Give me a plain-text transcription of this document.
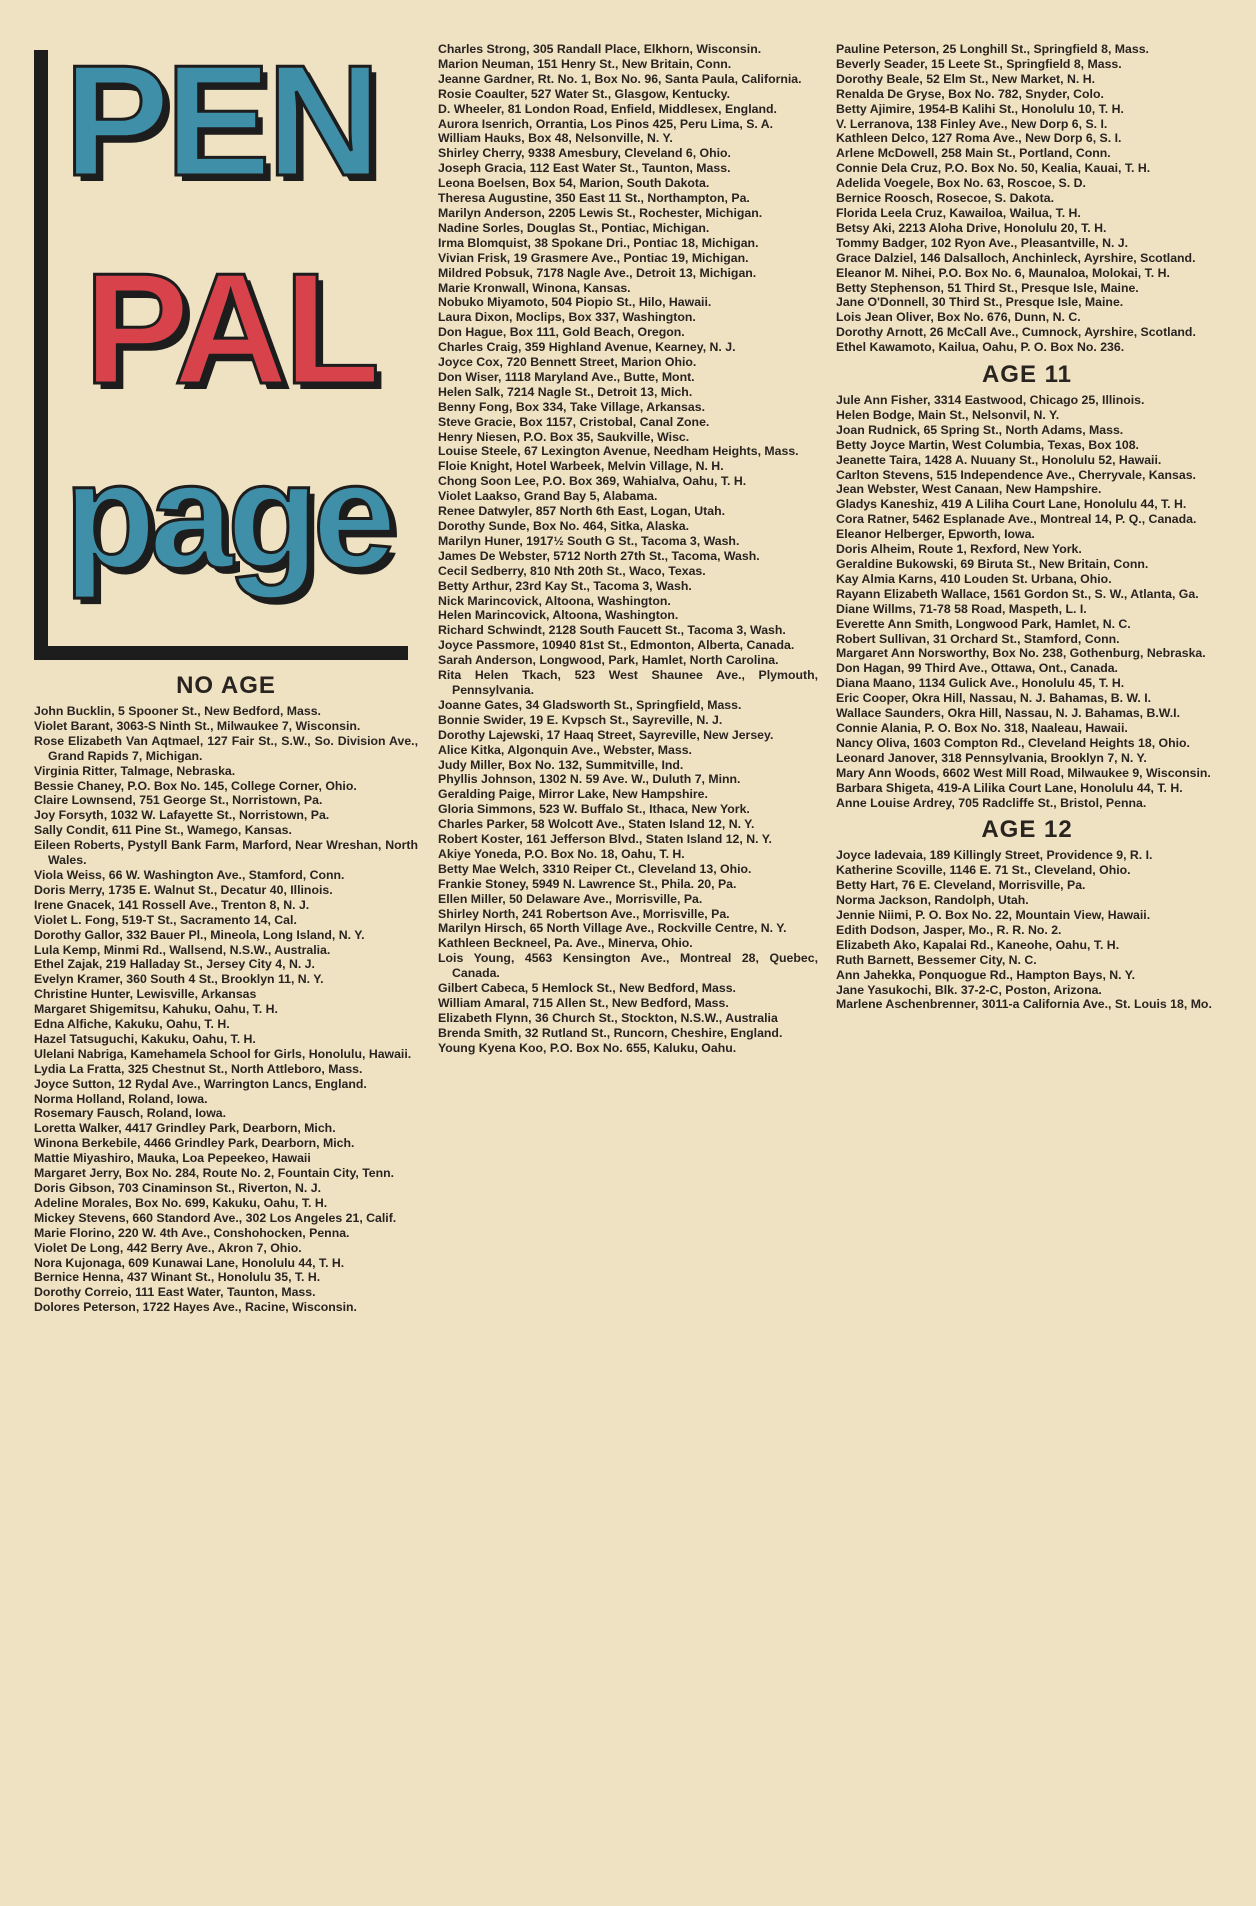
PEN
PAL
page
NO AGE

John Bucklin, 5 Spooner St., New Bedford, Mass.

Violet Barant, 3063-S Ninth St., Milwaukee 7, Wisconsin.

Rose Elizabeth Van Aqtmael, 127 Fair St., S.W., So. Division Ave., Grand Rapids 7, Michigan.

Virginia Ritter, Talmage, Nebraska.

Bessie Chaney, P.O. Box No. 145, College Corner, Ohio.

Claire Lownsend, 751 George St., Norristown, Pa.

Joy Forsyth, 1032 W. Lafayette St., Norristown, Pa.

Sally Condit, 611 Pine St., Wamego, Kansas.

Eileen Roberts, Pystyll Bank Farm, Marford, Near Wreshan, North Wales.

Viola Weiss, 66 W. Washington Ave., Stamford, Conn.

Doris Merry, 1735 E. Walnut St., Decatur 40, Illinois.

Irene Gnacek, 141 Rossell Ave., Trenton 8, N. J.

Violet L. Fong, 519-T St., Sacramento 14, Cal.

Dorothy Gallor, 332 Bauer Pl., Mineola, Long Island, N. Y.

Lula Kemp, Minmi Rd., Wallsend, N.S.W., Australia.

Ethel Zajak, 219 Halladay St., Jersey City 4, N. J.

Evelyn Kramer, 360 South 4 St., Brooklyn 11, N. Y.

Christine Hunter, Lewisville, Arkansas

Margaret Shigemitsu, Kahuku, Oahu, T. H.

Edna Alfiche, Kakuku, Oahu, T. H.

Hazel Tatsuguchi, Kakuku, Oahu, T. H.

Ulelani Nabriga, Kamehamela School for Girls, Honolulu, Hawaii.

Lydia La Fratta, 325 Chestnut St., North Attleboro, Mass.

Joyce Sutton, 12 Rydal Ave., Warrington Lancs, England.

Norma Holland, Roland, Iowa.

Rosemary Fausch, Roland, Iowa.

Loretta Walker, 4417 Grindley Park, Dearborn, Mich.

Winona Berkebile, 4466 Grindley Park, Dearborn, Mich.

Mattie Miyashiro, Mauka, Loa Pepeekeo, Hawaii

Margaret Jerry, Box No. 284, Route No. 2, Fountain City, Tenn.

Doris Gibson, 703 Cinaminson St., Riverton, N. J.

Adeline Morales, Box No. 699, Kakuku, Oahu, T. H.

Mickey Stevens, 660 Standord Ave., 302 Los Angeles 21, Calif.

Marie Florino, 220 W. 4th Ave., Conshohocken, Penna.

Violet De Long, 442 Berry Ave., Akron 7, Ohio.

Nora Kujonaga, 609 Kunawai Lane, Honolulu 44, T. H.

Bernice Henna, 437 Winant St., Honolulu 35, T. H.

Dorothy Correio, 111 East Water, Taunton, Mass.

Dolores Peterson, 1722 Hayes Ave., Racine, Wisconsin.

Charles Strong, 305 Randall Place, Elkhorn, Wisconsin.

Marion Neuman, 151 Henry St., New Britain, Conn.

Jeanne Gardner, Rt. No. 1, Box No. 96, Santa Paula, California.

Rosie Coaulter, 527 Water St., Glasgow, Kentucky.

D. Wheeler, 81 London Road, Enfield, Middlesex, England.

Aurora Isenrich, Orrantia, Los Pinos 425, Peru Lima, S. A.

William Hauks, Box 48, Nelsonville, N. Y.

Shirley Cherry, 9338 Amesbury, Cleveland 6, Ohio.

Joseph Gracia, 112 East Water St., Taunton, Mass.

Leona Boelsen, Box 54, Marion, South Dakota.

Theresa Augustine, 350 East 11 St., Northampton, Pa.

Marilyn Anderson, 2205 Lewis St., Rochester, Michigan.

Nadine Sorles, Douglas St., Pontiac, Michigan.

Irma Blomquist, 38 Spokane Dri., Pontiac 18, Michigan.

Vivian Frisk, 19 Grasmere Ave., Pontiac 19, Michigan.

Mildred Pobsuk, 7178 Nagle Ave., Detroit 13, Michigan.

Marie Kronwall, Winona, Kansas.

Nobuko Miyamoto, 504 Piopio St., Hilo, Hawaii.

Laura Dixon, Moclips, Box 337, Washington.

Don Hague, Box 111, Gold Beach, Oregon.

Charles Craig, 359 Highland Avenue, Kearney, N. J.

Joyce Cox, 720 Bennett Street, Marion Ohio.

Don Wiser, 1118 Maryland Ave., Butte, Mont.

Helen Salk, 7214 Nagle St., Detroit 13, Mich.

Benny Fong, Box 334, Take Village, Arkansas.

Steve Gracie, Box 1157, Cristobal, Canal Zone.

Henry Niesen, P.O. Box 35, Saukville, Wisc.

Louise Steele, 67 Lexington Avenue, Needham Heights, Mass.

Floie Knight, Hotel Warbeek, Melvin Village, N. H.

Chong Soon Lee, P.O. Box 369, Wahialva, Oahu, T. H.

Violet Laakso, Grand Bay 5, Alabama.

Renee Datwyler, 857 North 6th East, Logan, Utah.

Dorothy Sunde, Box No. 464, Sitka, Alaska.

Marilyn Huner, 1917½ South G St., Tacoma 3, Wash.

James De Webster, 5712 North 27th St., Tacoma, Wash.

Cecil Sedberry, 810 Nth 20th St., Waco, Texas.

Betty Arthur, 23rd Kay St., Tacoma 3, Wash.

Nick Marincovick, Altoona, Washington.

Helen Marincovick, Altoona, Washington.

Richard Schwindt, 2128 South Faucett St., Tacoma 3, Wash.

Joyce Passmore, 10940 81st St., Edmonton, Alberta, Canada.

Sarah Anderson, Longwood, Park, Hamlet, North Carolina.

Rita Helen Tkach, 523 West Shaunee Ave., Plymouth, Pennsylvania.

Joanne Gates, 34 Gladsworth St., Springfield, Mass.

Bonnie Swider, 19 E. Kvpsch St., Sayreville, N. J.

Dorothy Lajewski, 17 Haaq Street, Sayreville, New Jersey.

Alice Kitka, Algonquin Ave., Webster, Mass.

Judy Miller, Box No. 132, Summitville, Ind.

Phyllis Johnson, 1302 N. 59 Ave. W., Duluth 7, Minn.

Geralding Paige, Mirror Lake, New Hampshire.

Gloria Simmons, 523 W. Buffalo St., Ithaca, New York.

Charles Parker, 58 Wolcott Ave., Staten Island 12, N. Y.

Robert Koster, 161 Jefferson Blvd., Staten Island 12, N. Y.

Akiye Yoneda, P.O. Box No. 18, Oahu, T. H.

Betty Mae Welch, 3310 Reiper Ct., Cleveland 13, Ohio.

Frankie Stoney, 5949 N. Lawrence St., Phila. 20, Pa.

Ellen Miller, 50 Delaware Ave., Morrisville, Pa.

Shirley North, 241 Robertson Ave., Morrisville, Pa.

Marilyn Hirsch, 65 North Village Ave., Rockville Centre, N. Y.

Kathleen Beckneel, Pa. Ave., Minerva, Ohio.

Lois Young, 4563 Kensington Ave., Montreal 28, Quebec, Canada.

Gilbert Cabeca, 5 Hemlock St., New Bedford, Mass.

William Amaral, 715 Allen St., New Bedford, Mass.

Elizabeth Flynn, 36 Church St., Stockton, N.S.W., Australia

Brenda Smith, 32 Rutland St., Runcorn, Cheshire, England.

Young Kyena Koo, P.O. Box No. 655, Kaluku, Oahu.

Pauline Peterson, 25 Longhill St., Springfield 8, Mass.

Beverly Seader, 15 Leete St., Springfield 8, Mass.

Dorothy Beale, 52 Elm St., New Market, N. H.

Renalda De Gryse, Box No. 782, Snyder, Colo.

Betty Ajimire, 1954-B Kalihi St., Honolulu 10, T. H.

V. Lerranova, 138 Finley Ave., New Dorp 6, S. I.

Kathleen Delco, 127 Roma Ave., New Dorp 6, S. I.

Arlene McDowell, 258 Main St., Portland, Conn.

Connie Dela Cruz, P.O. Box No. 50, Kealia, Kauai, T. H.

Adelida Voegele, Box No. 63, Roscoe, S. D.

Bernice Roosch, Rosecoe, S. Dakota.

Florida Leela Cruz, Kawailoa, Wailua, T. H.

Betsy Aki, 2213 Aloha Drive, Honolulu 20, T. H.

Tommy Badger, 102 Ryon Ave., Pleasantville, N. J.

Grace Dalziel, 146 Dalsalloch, Anchinleck, Ayrshire, Scotland.

Eleanor M. Nihei, P.O. Box No. 6, Maunaloa, Molokai, T. H.

Betty Stephenson, 51 Third St., Presque Isle, Maine.

Jane O'Donnell, 30 Third St., Presque Isle, Maine.

Lois Jean Oliver, Box No. 676, Dunn, N. C.

Dorothy Arnott, 26 McCall Ave., Cumnock, Ayrshire, Scotland.

Ethel Kawamoto, Kailua, Oahu, P. O. Box No. 236.

AGE 11

Jule Ann Fisher, 3314 Eastwood, Chicago 25, Illinois.

Helen Bodge, Main St., Nelsonvil, N. Y.

Joan Rudnick, 65 Spring St., North Adams, Mass.

Betty Joyce Martin, West Columbia, Texas, Box 108.

Jeanette Taira, 1428 A. Nuuany St., Honolulu 52, Hawaii.

Carlton Stevens, 515 Independence Ave., Cherryvale, Kansas.

Jean Webster, West Canaan, New Hampshire.

Gladys Kaneshiz, 419 A Liliha Court Lane, Honolulu 44, T. H.

Cora Ratner, 5462 Esplanade Ave., Montreal 14, P. Q., Canada.

Eleanor Helberger, Epworth, Iowa.

Doris Alheim, Route 1, Rexford, New York.

Geraldine Bukowski, 69 Biruta St., New Britain, Conn.

Kay Almia Karns, 410 Louden St. Urbana, Ohio.

Rayann Elizabeth Wallace, 1561 Gordon St., S. W., Atlanta, Ga.

Diane Willms, 71-78 58 Road, Maspeth, L. I.

Everette Ann Smith, Longwood Park, Hamlet, N. C.

Robert Sullivan, 31 Orchard St., Stamford, Conn.

Margaret Ann Norsworthy, Box No. 238, Gothenburg, Nebraska.

Don Hagan, 99 Third Ave., Ottawa, Ont., Canada.

Diana Maano, 1134 Gulick Ave., Honolulu 45, T. H.

Eric Cooper, Okra Hill, Nassau, N. J. Bahamas, B. W. I.

Wallace Saunders, Okra Hill, Nassau, N. J. Bahamas, B.W.I.

Connie Alania, P. O. Box No. 318, Naaleau, Hawaii.

Nancy Oliva, 1603 Compton Rd., Cleveland Heights 18, Ohio.

Leonard Janover, 318 Pennsylvania, Brooklyn 7, N. Y.

Mary Ann Woods, 6602 West Mill Road, Milwaukee 9, Wisconsin.

Barbara Shigeta, 419-A Lilika Court Lane, Honolulu 44, T. H.

Anne Louise Ardrey, 705 Radcliffe St., Bristol, Penna.

AGE 12

Joyce Iadevaia, 189 Killingly Street, Providence 9, R. I.

Katherine Scoville, 1146 E. 71 St., Cleveland, Ohio.

Betty Hart, 76 E. Cleveland, Morrisville, Pa.

Norma Jackson, Randolph, Utah.

Jennie Niimi, P. O. Box No. 22, Mountain View, Hawaii.

Edith Dodson, Jasper, Mo., R. R. No. 2.

Elizabeth Ako, Kapalai Rd., Kaneohe, Oahu, T. H.

Ruth Barnett, Bessemer City, N. C.

Ann Jahekka, Ponquogue Rd., Hampton Bays, N. Y.

Jane Yasukochi, Blk. 37-2-C, Poston, Arizona.

Marlene Aschenbrenner, 3011-a California Ave., St. Louis 18, Mo.
